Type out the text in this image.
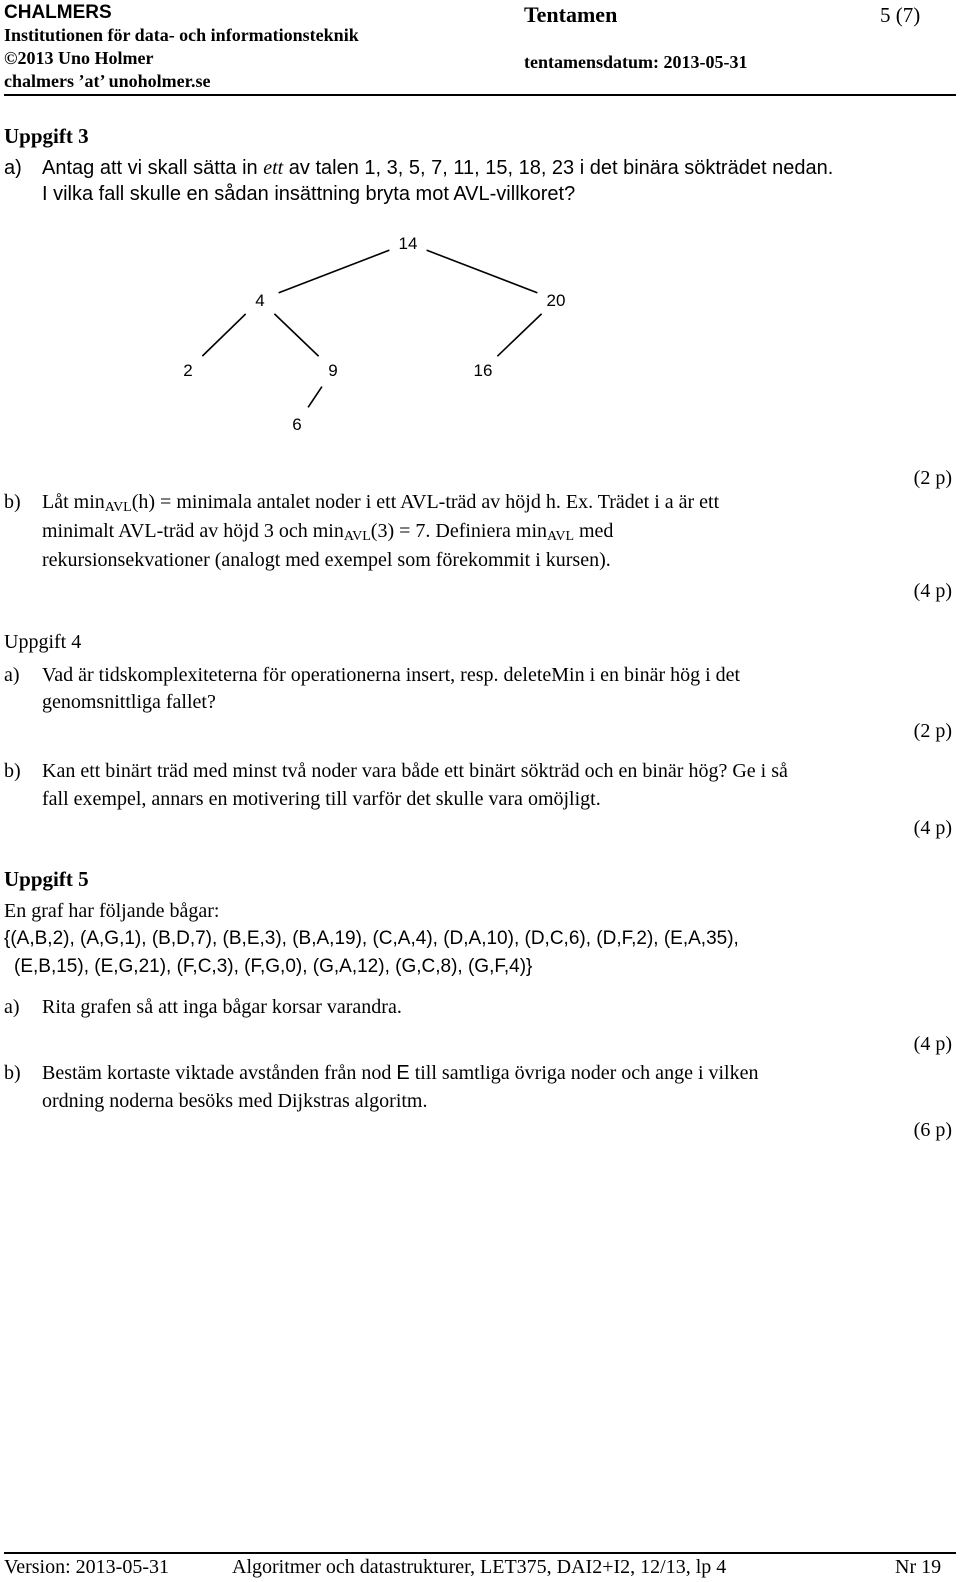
CHALMERS
Institutionen för data- och informationsteknik
©2013 Uno Holmer
chalmers ’at’ unoholmer.se
Tentamen	5 (7)
tentamensdatum: 2013-05-31
Uppgift 3
a) Antag att vi skall sätta in ett av talen 1, 3, 5, 7, 11, 15, 18, 23 i det binära sökträdet nedan.
I vilka fall skulle en sådan insättning bryta mot AVL-villkoret?
14
4	20
2	9	16
6
(2 p)
b) Låt $\min_{AVL}(h)$ = minimala antalet noder i ett AVL-träd av höjd h. Ex. Trädet i a är ett
minimalt AVL-träd av höjd 3 och $\min_{AVL}(3) = 7$. Definiera $\min_{AVL}$ med
rekursionsekvationer (analogt med exempel som förekommit i kursen).
(4 p)
Uppgift 4
a) Vad är tidskomplexiteterna för operationerna insert, resp. deleteMin i en binär hög i det
genomsnittliga fallet?
(2 p)
b) Kan ett binärt träd med minst två noder vara både ett binärt sökträd och en binär hög? Ge i så
fall exempel, annars en motivering till varför det skulle vara omöjligt.
(4 p)
Uppgift 5
En graf har följande bågar:
{(A,B,2), (A,G,1), (B,D,7), (B,E,3), (B,A,19), (C,A,4), (D,A,10), (D,C,6), (D,F,2), (E,A,35),
(E,B,15), (E,G,21), (F,C,3), (F,G,0), (G,A,12), (G,C,8), (G,F,4)}
a) Rita grafen så att inga bågar korsar varandra.
(4 p)
b) Bestäm kortaste viktade avstånden från nod E till samtliga övriga noder och ange i vilken
ordning noderna besöks med Dijkstras algoritm.
(6 p)
Version: 2013-05-31	Algoritmer och datastrukturer, LET375, DAI2+I2, 12/13, lp 4	Nr 19
